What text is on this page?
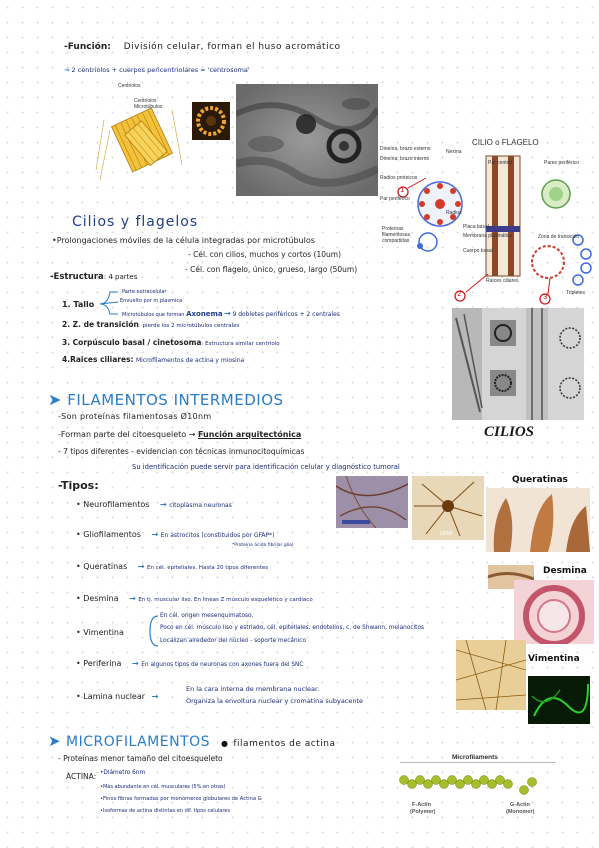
-Función: División celular, forman el huso acromático
→ 2 centriolos + cuerpos pericentriolares = 'centrosoma'
Centriolos
Centriolos
Microtúbulos
CILIO o FLAGELO
Dineína, brazo externo
Dineína, brazo interno
Radios proteicos
Par periférico
Proteínas filamentosas compartidas
Nexina
Par central	Pares periférico
Radios
Placa basal
Membrana plasmática
Cuerpo basal
Zona de transición
Raíces ciliares
Tripletes
1
2	3
CILIOS
Cilios y flagelos
•Prolongaciones móviles de la célula integradas por microtúbulos
- Cél. con cilios, muchos y cortos (10um)
- Cél. con flagelo, único, grueso, largo (50um)
-Estructura: 4 partes
1. Tallo
Parte extracelular
Envuelto por m.plasmica
Microtúbulos que forman Axonema → 9 dobletes periféricos + 2 centrales
2. Z. de transición: pierde los 2 microtúbulos centrales
3. Corpúsculo basal / cinetosoma: Estructura similar centriolo
4.Raices ciliares: Microfilamentos de actina y miosina
➤ FILAMENTOS INTERMEDIOS
-Son proteínas filamentosas Ø10nm
-Forman parte del citoesqueleto → Función arquitectónica
- 7 tipos diferentes - evidencian con técnicas inmunocitoquímicas
Su identificación puede servir para identificación celular y diagnóstico tumoral
-Tipos:
• Neurofilamentos → citoplasma neuronas
• Gliofilamentos → En astrocitos (constituidos por GFAP*)
*Proteína ácida fibrilar glial
• Queratinas → En cél. epiteliales. Hasta 20 tipos diferentes
• Desmina → En tj. muscular liso. En lineas Z músculo esquelético y cardíaco
• Vimentina
En cél. origen mesenquimatoso.
Poco en cél. músculo liso y estriado, cél. epiteliales, endotelios, c. de Shwann, melanocitos
Localizan alrededor del núcleo - soporte mecánico
• Periferina → En algunos tipos de neuronas con axones fuera del SNC
• Lamina nuclear →
En la cara interna de membrana nuclear.
Organiza la envoltura nuclear y cromatina subyacente
GFAP
Queratinas
Desmina
Vimentina
➤ MICROFILAMENTOS ● filamentos de actina
- Proteínas menor tamaño del citoesqueleto
ACTINA: •Diámetro 6nm
•Más abundante en cél. musculares (5% en otras)
•Finos fibras formadas por monómeros globulares de Actina G
•Isoformas de actina distintas en dif. tipos celulares
Microfilaments
F-Actin
(Polymer)
G-Actin
(Monomer)
